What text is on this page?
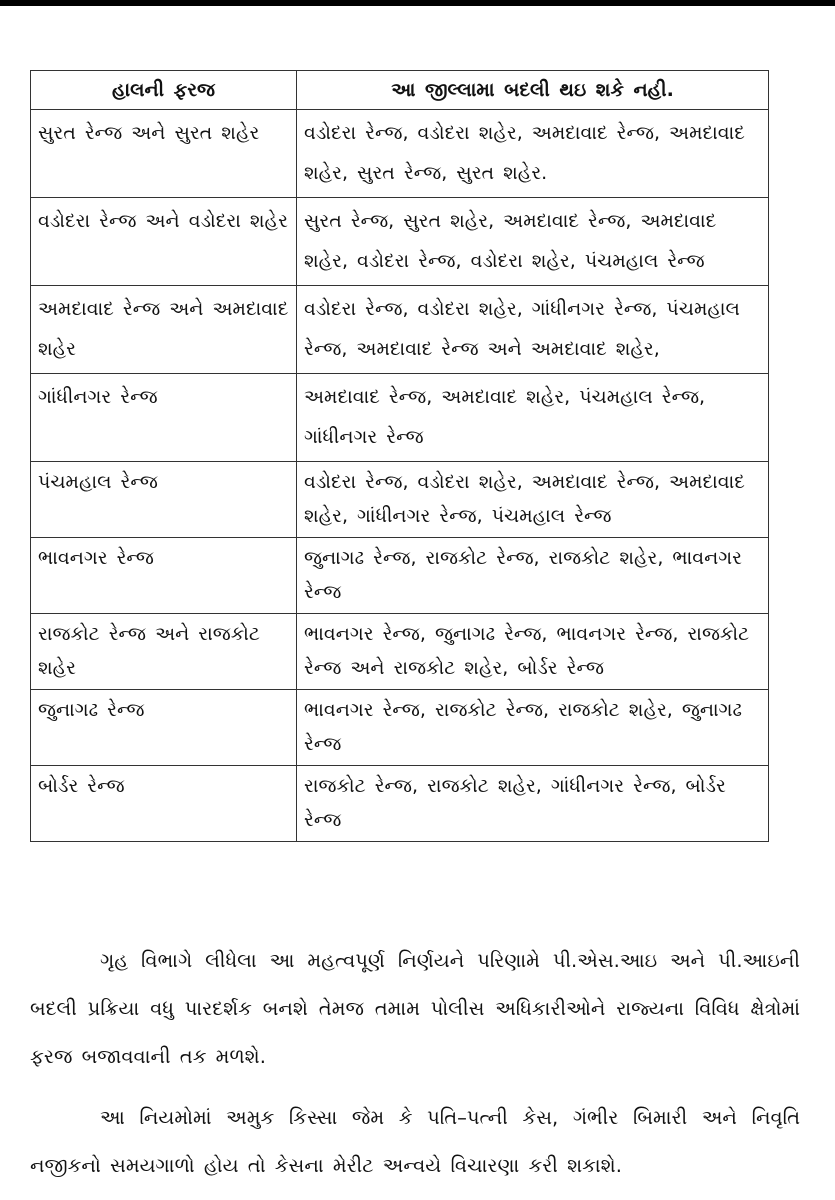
હાલની ફરજ	આ જીલ્લામા બદલી થઇ શકે નહી.
સુરત રેન્જ અને સુરત શહેર	વડોદરા રેન્જ, વડોદરા શહેર, અમદાવાદ રેન્જ, અમદાવાદ શહેર, સુરત રેન્જ, સુરત શહેર.
વડોદરા રેન્જ અને વડોદરા શહેર	સુરત રેન્જ, સુરત શહેર, અમદાવાદ રેન્જ, અમદાવાદ શહેર, વડોદરા રેન્જ, વડોદરા શહેર, પંચમહાલ રેન્જ
અમદાવાદ રેન્જ અને અમદાવાદ શહેર	વડોદરા રેન્જ, વડોદરા શહેર, ગાંધીનગર રેન્જ, પંચમહાલ રેન્જ, અમદાવાદ રેન્જ અને અમદાવાદ શહેર,
ગાંધીનગર રેન્જ	અમદાવાદ રેન્જ, અમદાવાદ શહેર, પંચમહાલ રેન્જ, ગાંધીનગર રેન્જ
પંચમહાલ રેન્જ	વડોદરા રેન્જ, વડોદરા શહેર, અમદાવાદ રેન્જ, અમદાવાદ શહેર, ગાંધીનગર રેન્જ, પંચમહાલ રેન્જ
ભાવનગર રેન્જ	જુનાગઢ રેન્જ, રાજકોટ રેન્જ, રાજકોટ શહેર, ભાવનગર રેન્જ
રાજકોટ રેન્જ અને રાજકોટ શહેર	ભાવનગર રેન્જ, જુનાગઢ રેન્જ, ભાવનગર રેન્જ, રાજકોટ રેન્જ અને રાજકોટ શહેર, બોર્ડર રેન્જ
જુનાગઢ રેન્જ	ભાવનગર રેન્જ, રાજકોટ રેન્જ, રાજકોટ શહેર, જુનાગઢ રેન્જ
બોર્ડર રેન્જ	રાજકોટ રેન્જ, રાજકોટ શહેર, ગાંધીનગર રેન્જ, બોર્ડર રેન્જ

ગૃહ વિભાગે લીધેલા આ મહત્વપૂર્ણ નિર્ણયને પરિણામે પી.એસ.આઇ અને પી.આઇની બદલી પ્રક્રિયા વધુ પારદર્શક બનશે તેમજ તમામ પોલીસ અધિકારીઓને રાજ્યના વિવિધ ક્ષેત્રોમાં ફરજ બજાવવાની તક મળશે.

આ નિયમોમાં અમુક કિસ્સા જેમ કે પતિ–પત્ની કેસ, ગંભીર બિમારી અને નિવૃતિ નજીકનો સમયગાળો હોય તો કેસના મેરીટ અન્વયે વિચારણા કરી શકાશે.
